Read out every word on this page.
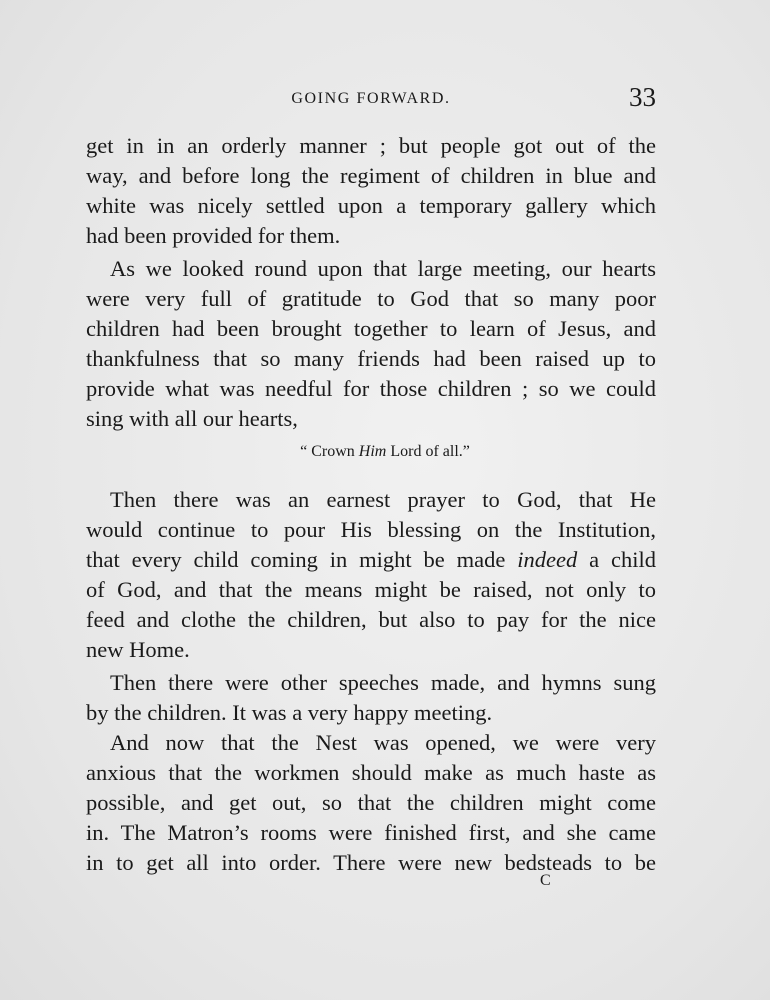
GOING FORWARD.	33
get in in an orderly manner ; but people got out of the
way, and before long the regiment of children in blue and
white was nicely settled upon a temporary gallery which
had been provided for them.
As we looked round upon that large meeting, our hearts
were very full of gratitude to God that so many poor
children had been brought together to learn of Jesus, and
thankfulness that so many friends had been raised up to
provide what was needful for those children ; so we could
sing with all our hearts,
“ Crown Him Lord of all.”
Then there was an earnest prayer to God, that He
would continue to pour His blessing on the Institution,
that every child coming in might be made indeed a child
of God, and that the means might be raised, not only to
feed and clothe the children, but also to pay for the nice
new Home.
Then there were other speeches made, and hymns sung
by the children. It was a very happy meeting.
And now that the Nest was opened, we were very
anxious that the workmen should make as much haste as
possible, and get out, so that the children might come
in. The Matron’s rooms were finished first, and she came
in to get all into order. There were new bedsteads to be
C
